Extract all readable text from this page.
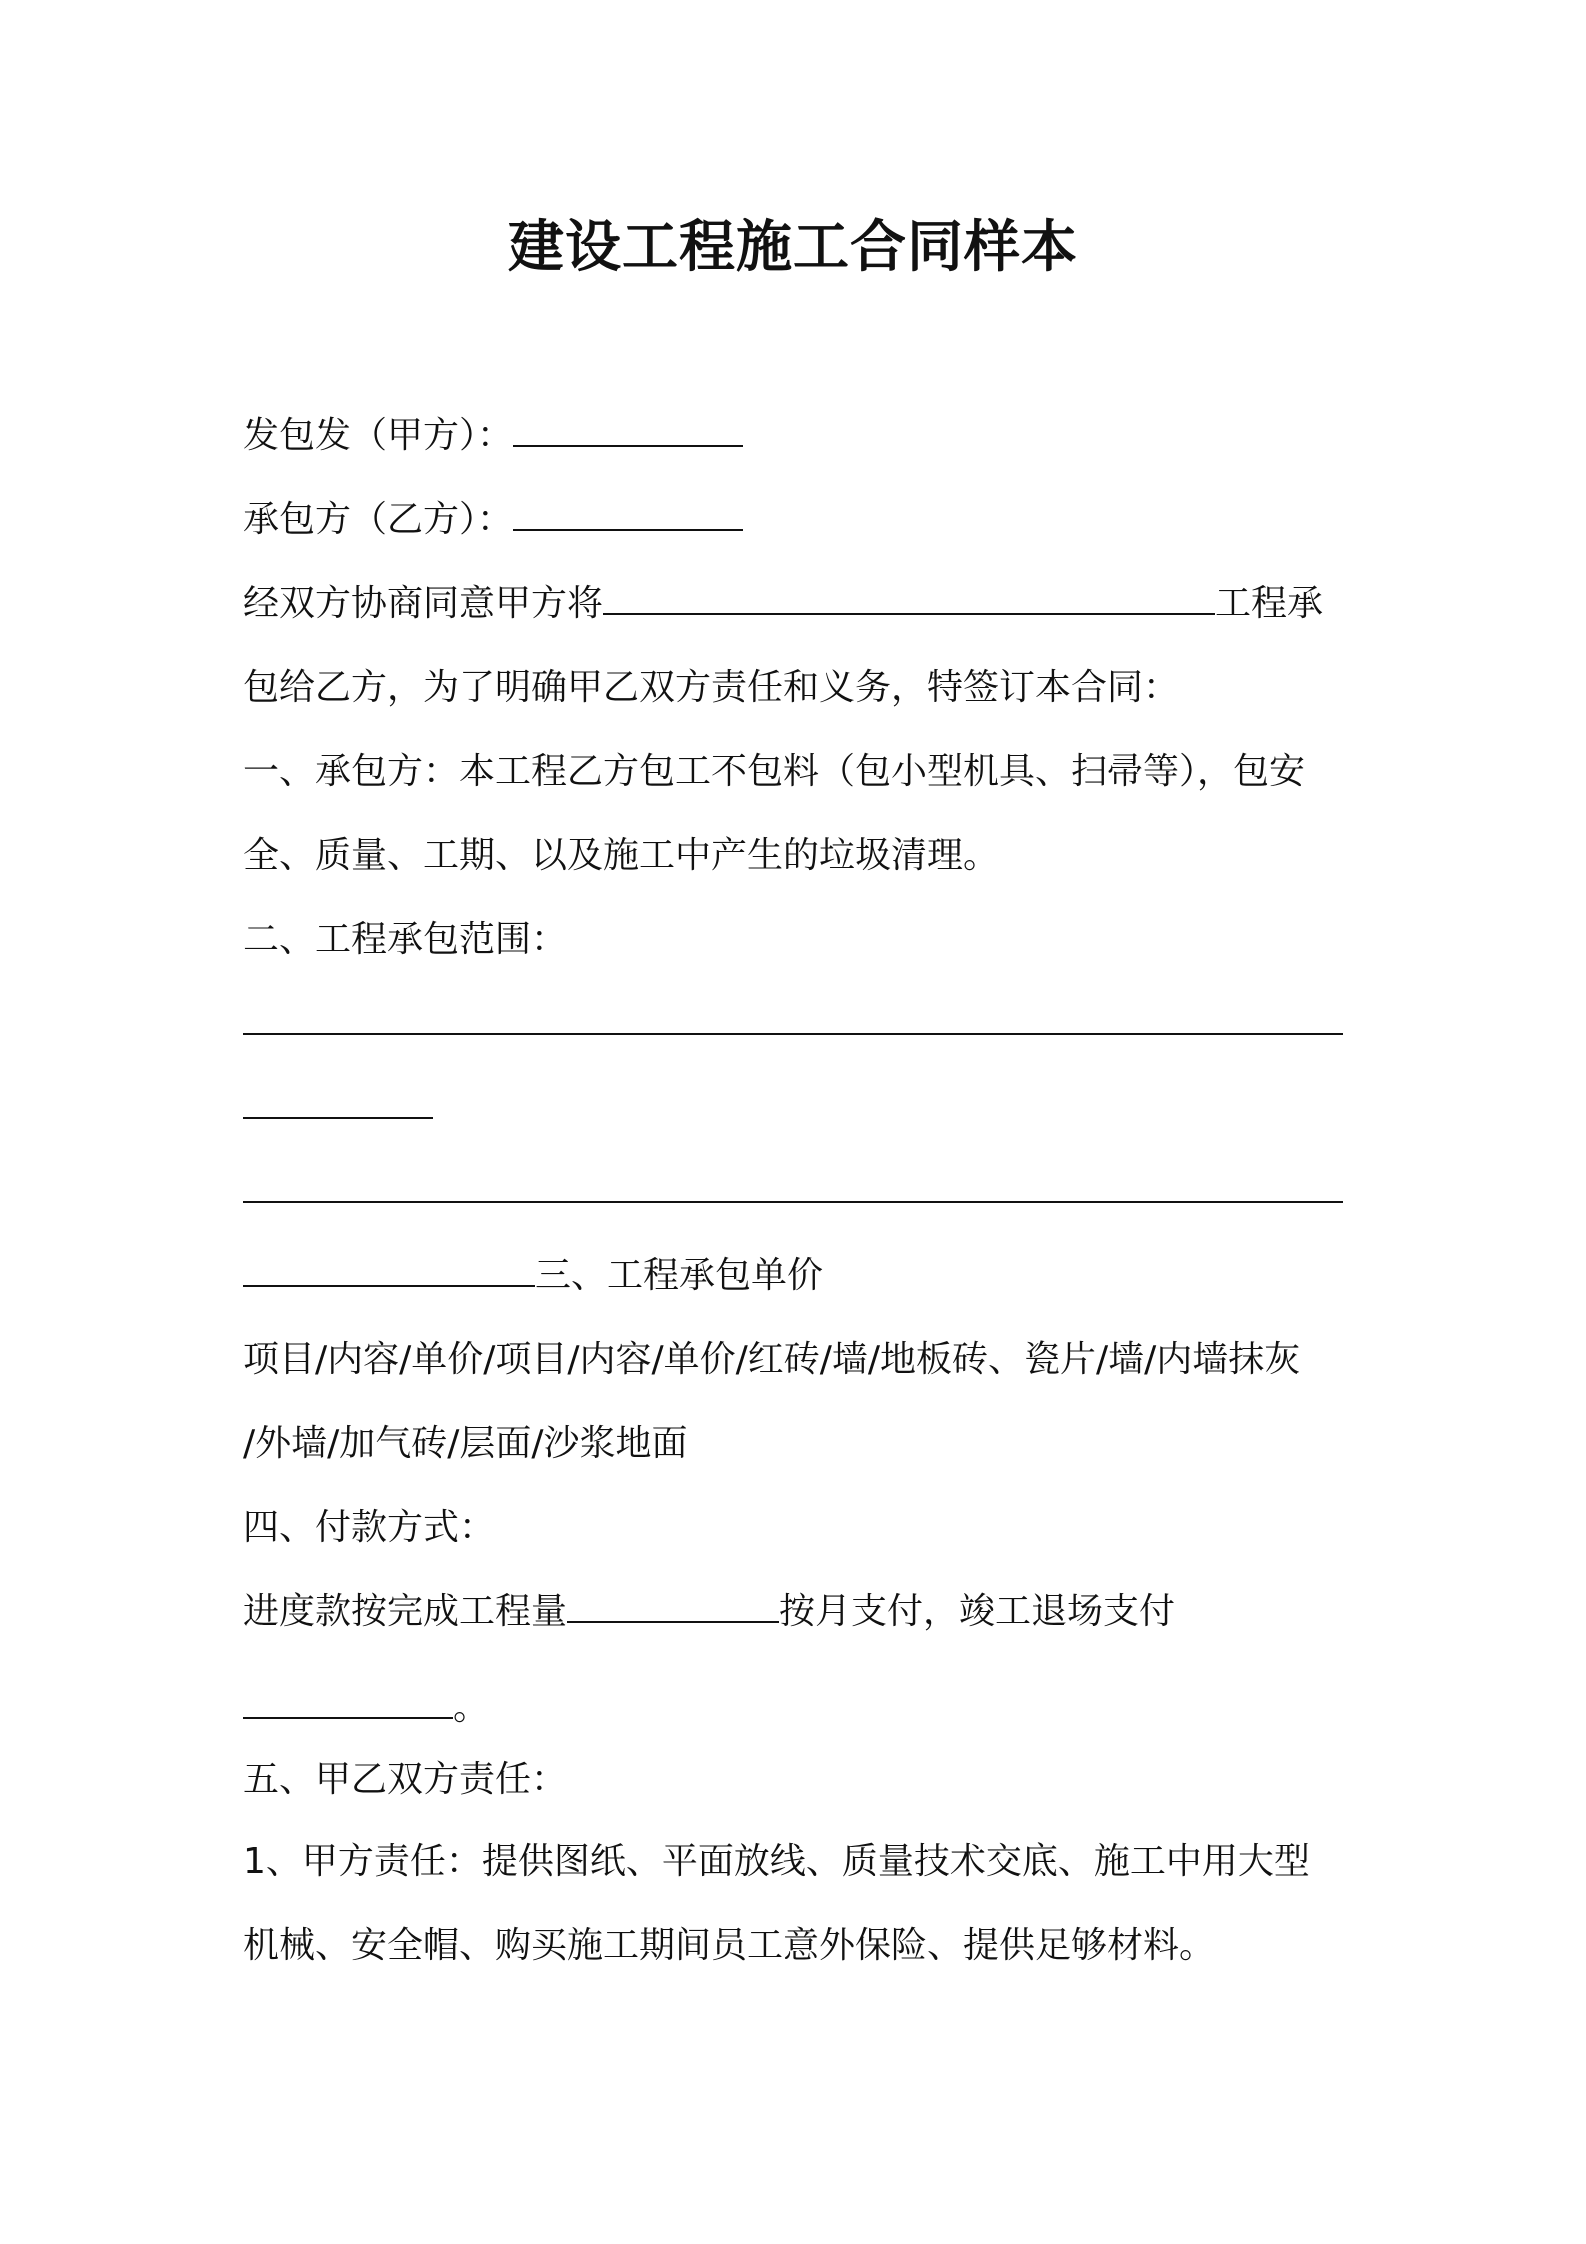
建设工程施工合同样本

发包发（甲方）：

承包方（乙方）：

经双方协商同意甲方将	工程承

包给乙方，为了明确甲乙双方责任和义务，特签订本合同：

一、承包方：本工程乙方包工不包料（包小型机具、扫帚等），包安

全、质量、工期、以及施工中产生的垃圾清理。

二、工程承包范围：

三、工程承包单价

项目/内容/单价/项目/内容/单价/红砖/墙/地板砖、瓷片/墙/内墙抹灰

/外墙/加气砖/层面/沙浆地面

四、付款方式：

进度款按完成工程量	按月支付，竣工退场支付

。

五、甲乙双方责任：

1、甲方责任：提供图纸、平面放线、质量技术交底、施工中用大型

机械、安全帽、购买施工期间员工意外保险、提供足够材料。
